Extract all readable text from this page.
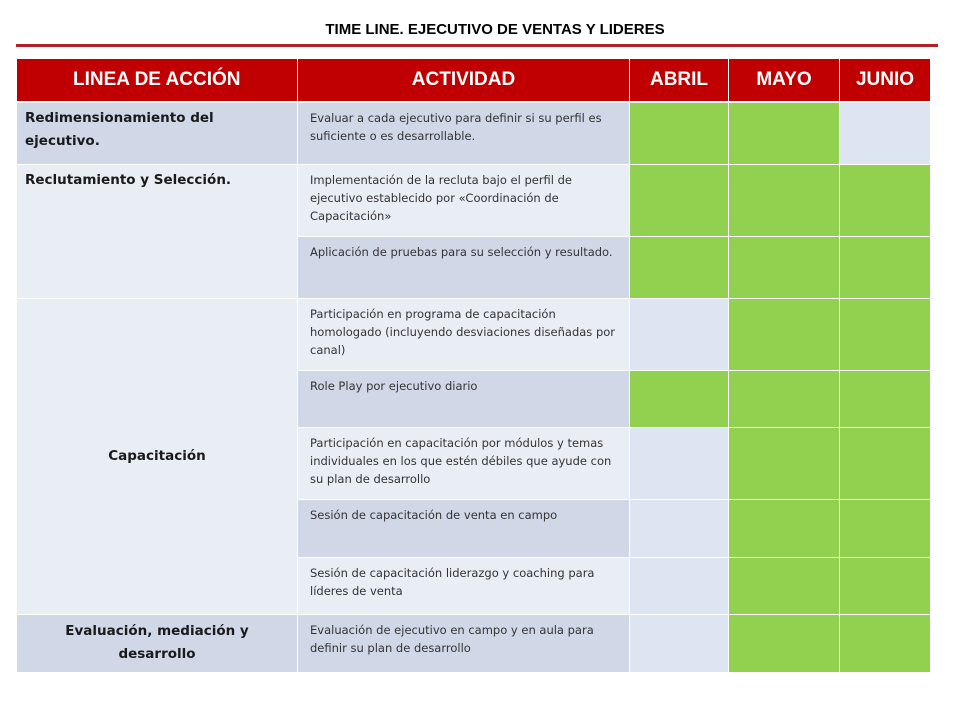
TIME LINE. EJECUTIVO DE VENTAS Y LIDERES
LINEA DE ACCIÓN	ACTIVIDAD	ABRIL	MAYO	JUNIO
Redimensionamiento del ejecutivo.	Evaluar a cada ejecutivo para definir si su perfil es suficiente o es desarrollable.			
Reclutamiento y Selección.	Implementación de la recluta bajo el perfil de ejecutivo establecido por «Coordinación de Capacitación»			
	Aplicación de pruebas para su selección y resultado.			
Capacitación	Participación en programa de capacitación homologado (incluyendo desviaciones diseñadas por canal)			
	Role Play por ejecutivo diario			
	Participación en capacitación por módulos y temas individuales en los que estén débiles que ayude con su plan de desarrollo			
	Sesión de capacitación de venta en campo			
	Sesión de capacitación liderazgo y coaching para líderes de venta			
Evaluación, mediación y desarrollo	Evaluación de ejecutivo en campo y en aula para definir su plan de desarrollo			
